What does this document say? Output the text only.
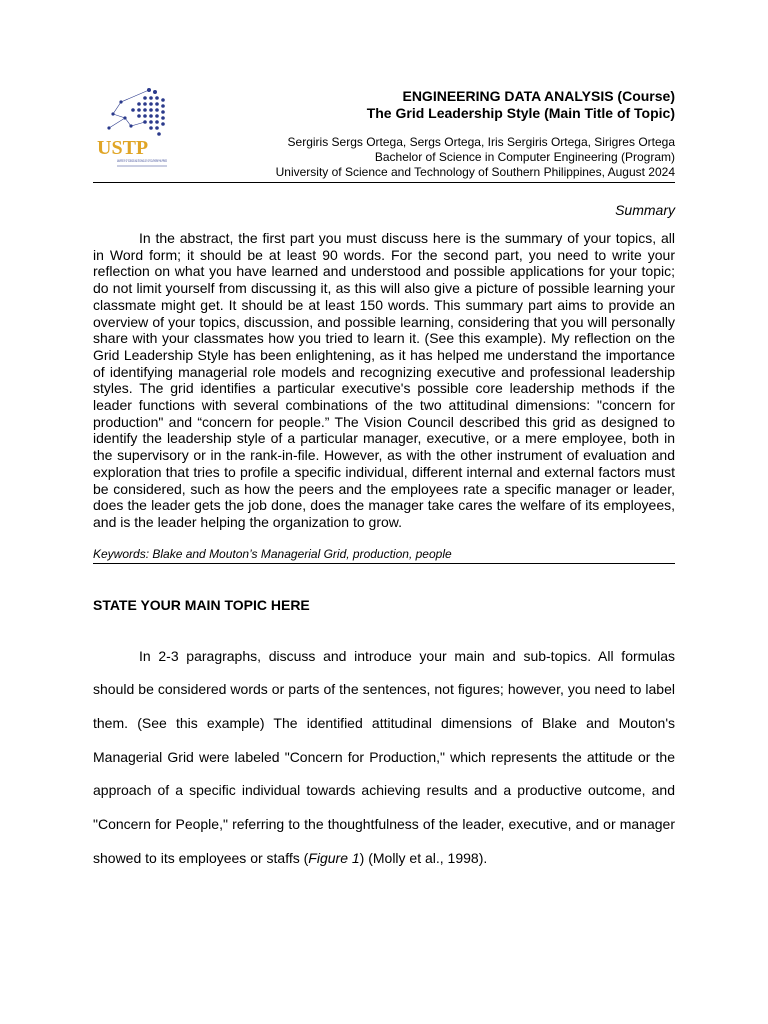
USTP
UNIVERSITY OF SCIENCE AND TECHNOLOGY OF SOUTHERN PHILIPPINES
ENGINEERING DATA ANALYSIS (Course)
The Grid Leadership Style (Main Title of Topic)
Sergiris Sergs Ortega, Sergs Ortega, Iris Sergiris Ortega, Sirigres Ortega
Bachelor of Science in Computer Engineering (Program)
University of Science and Technology of Southern Philippines, August 2024
Summary
In the abstract, the first part you must discuss here is the summary of your topics, all in Word form; it should be at least 90 words. For the second part, you need to write your reflection on what you have learned and understood and possible applications for your topic; do not limit yourself from discussing it, as this will also give a picture of possible learning your classmate might get. It should be at least 150 words. This summary part aims to provide an overview of your topics, discussion, and possible learning, considering that you will personally share with your classmates how you tried to learn it. (See this example). My reflection on the Grid Leadership Style has been enlightening, as it has helped me understand the importance of identifying managerial role models and recognizing executive and professional leadership styles. The grid identifies a particular executive's possible core leadership methods if the leader functions with several combinations of the two attitudinal dimensions: "concern for production" and “concern for people.” The Vision Council described this grid as designed to identify the leadership style of a particular manager, executive, or a mere employee, both in the supervisory or in the rank-in-file. However, as with the other instrument of evaluation and exploration that tries to profile a specific individual, different internal and external factors must be considered, such as how the peers and the employees rate a specific manager or leader, does the leader gets the job done, does the manager take cares the welfare of its employees, and is the leader helping the organization to grow.
Keywords: Blake and Mouton’s Managerial Grid, production, people
STATE YOUR MAIN TOPIC HERE
In 2-3 paragraphs, discuss and introduce your main and sub-topics. All formulas should be considered words or parts of the sentences, not figures; however, you need to label them. (See this example) The identified attitudinal dimensions of Blake and Mouton's Managerial Grid were labeled "Concern for Production," which represents the attitude or the approach of a specific individual towards achieving results and a productive outcome, and "Concern for People," referring to the thoughtfulness of the leader, executive, and or manager showed to its employees or staffs (Figure 1) (Molly et al., 1998).
